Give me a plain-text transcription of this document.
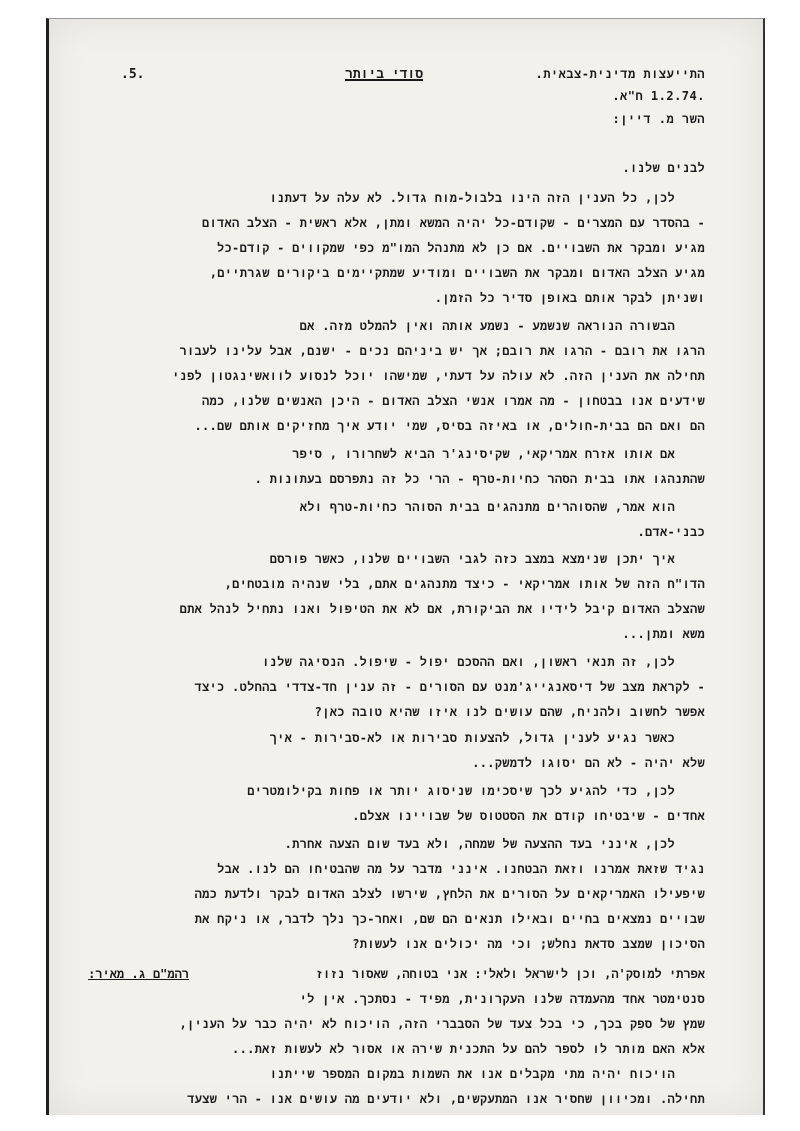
.5.	סודי ביותר	התייעצות מדינית-צבאית.
.1.2.74 ח"א.
השר מ. דיין:
לבנים שלנו.
לכן, כל הענין הזה הינו בלבול-מוח גדול. לא עלה על דעתנו
- בהסדר עם המצרים - שקודם-כל יהיה המשא ומתן, אלא ראשית - הצלב האדום
מגיע ומבקר את השבויים. אם כן לא מתנהל המו"מ כפי שמקווים - קודם-כל
מגיע הצלב האדום ומבקר את השבויים ומודיע שמתקיימים ביקורים שגרתיים,
ושניתן לבקר אותם באופן סדיר כל הזמן.
הבשורה הנוראה שנשמע - נשמע אותה ואין להמלט מזה. אם
הרגו את רובם - הרגו את רובם; אך יש ביניהם נכים - ישנם, אבל עלינו לעבור
תחילה את הענין הזה. לא עולה על דעתי, שמישהו יוכל לנסוע לוואשינגטון לפני
שידעים אנו בבטחון - מה אמרו אנשי הצלב האדום - היכן האנשים שלנו, כמה
הם ואם הם בבית-חולים, או באיזה בסיס, שמי יודע איך מחזיקים אותם שם...
אם אותו אזרח אמריקאי, שקיסינג'ר הביא לשחרורו , סיפר
שהתנהגו אתו בבית הסהר כחיות-טרף - הרי כל זה נתפרסם בעתונות .
הוא אמר, שהסוהרים מתנהגים בבית הסוהר כחיות-טרף ולא
כבני-אדם.
איך יתכן שנימצא במצב כזה לגבי השבויים שלנו, כאשר פורסם
הדו"ח הזה של אותו אמריקאי - כיצד מתנהגים אתם, בלי שנהיה מובטחים,
שהצלב האדום קיבל לידיו את הביקורת, אם לא את הטיפול ואנו נתחיל לנהל אתם
משא ומתן...
לכן, זה תנאי ראשון, ואם ההסכם יפול - שיפול. הנסיגה שלנו
- לקראת מצב של דיסאנגייג'מנט עם הסורים - זה ענין חד-צדדי בהחלט. כיצד
אפשר לחשוב ולהניח, שהם עושים לנו איזו שהיא טובה כאן?
כאשר נגיע לענין גדול, להצעות סבירות או לא-סבירות - איך
שלא יהיה - לא הם יסוגו לדמשק...
לכן, כדי להגיע לכך שיסכימו שניסוג יותר או פחות בקילומטרים
אחדים - שיבטיחו קודם את הסטטוס של שבויינו אצלם.
לכן, אינני בעד ההצעה של שמחה, ולא בעד שום הצעה אחרת.
נגיד שזאת אמרנו וזאת הבטחנו. אינני מדבר על מה שהבטיחו הם לנו. אבל
שיפעילו האמריקאים על הסורים את הלחץ, שירשו לצלב האדום לבקר ולדעת כמה
שבויים נמצאים בחיים ובאילו תנאים הם שם, ואחר-כך נלך לדבר, או ניקח את
הסיכון שמצב סדאת נחלש; וכי מה יכולים אנו לעשות?
אפרתי למוסק'ה, וכן לישראל ולאלי: אני בטוחה, שאסור נזוז
רהמ"ם ג. מאיר:
סנטימטר אחד מהעמדה שלנו העקרונית, מפיד - נסתכך. אין לי
שמץ של ספק בכך, כי בכל צעד של הסבברי הזה, הויכוח לא יהיה כבר על הענין,
אלא האם מותר לו לספר להם על התכנית שירה או אסור לא לעשות זאת...
הויכוח יהיה מתי מקבלים אנו את השמות במקום המספר שייתנו
תחילה. ומכיוון שחסיר אנו המתעקשים, ולא יודעים מה עושים אנו - הרי שצעד
